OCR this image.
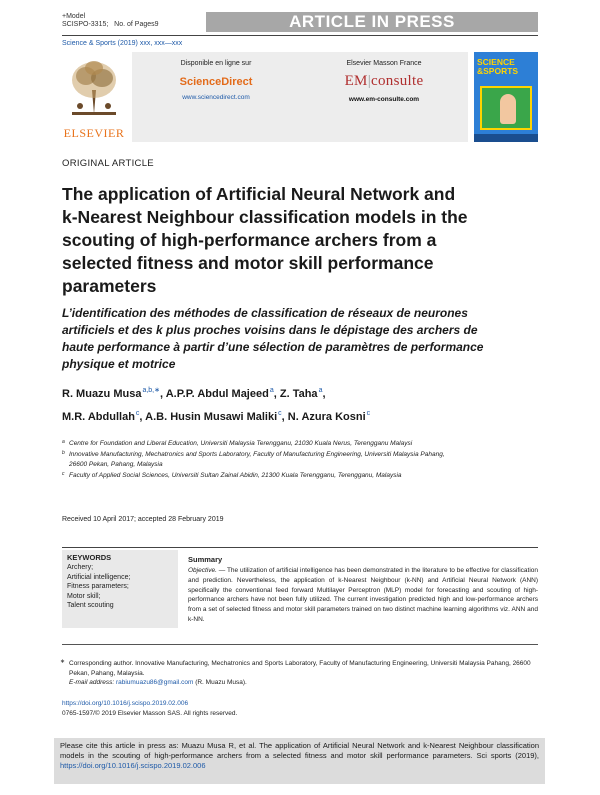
+Model
SCISPO-3315; No. of Pages9	ARTICLE IN PRESS
Science & Sports (2019) xxx, xxx—xxx
ELSEVIER
Disponible en ligne sur
ScienceDirect
www.sciencedirect.com
Elsevier Masson France
EM|consulte
www.em-consulte.com
SCIENCE
&SPORTS
ORIGINAL ARTICLE
The application of Artificial Neural Network and k-Nearest Neighbour classification models in the scouting of high-performance archers from a selected fitness and motor skill performance parameters
L’identification des méthodes de classification de réseaux de neurones artificiels et des k plus proches voisins dans le dépistage des archers de haute performance à partir d’une sélection de paramètres de performance physique et motrice
R. Muazu Musa$^{a,b,∗}$, A.P.P. Abdul Majeed$^a$, Z. Taha$^a$,
M.R. Abdullah$^c$, A.B. Husin Musawi Maliki$^c$, N. Azura Kosni$^c$
a Centre for Foundation and Liberal Education, Universiti Malaysia Terengganu, 21030 Kuala Nerus, Terengganu Malaysi
b Innovative Manufacturing, Mechatronics and Sports Laboratory, Faculty of Manufacturing Engineering, Universiti Malaysia Pahang, 26600 Pekan, Pahang, Malaysia
c Faculty of Applied Social Sciences, Universiti Sultan Zainal Abidin, 21300 Kuala Terengganu, Terengganu, Malaysia
Received 10 April 2017; accepted 28 February 2019
KEYWORDS
Archery;
Artificial intelligence;
Fitness parameters;
Motor skill;
Talent scouting
Summary

Objective. — The utilization of artificial intelligence has been demonstrated in the literature to be effective for classification and prediction. Nevertheless, the application of k-Nearest Neighbour (k-NN) and Artificial Neural Network (ANN) specifically the conventional feed forward Multilayer Perceptron (MLP) model for forecasting and scouting of high-performance archers have not been fully utilized. The current investigation predicted high and low-performance archers from a set of selected fitness and motor skill parameters trained on two distinct machine learning algorithms viz. ANN and k-NN.

∗ Corresponding author. Innovative Manufacturing, Mechatronics and Sports Laboratory, Faculty of Manufacturing Engineering, Universiti Malaysia Pahang, 26600 Pekan, Pahang, Malaysia.
E-mail address: rabiumuazu86@gmail.com (R. Muazu Musa).
https://doi.org/10.1016/j.scispo.2019.02.006
0765-1597/© 2019 Elsevier Masson SAS. All rights reserved.
Please cite this article in press as: Muazu Musa R, et al. The application of Artificial Neural Network and k-Nearest Neighbour classification models in the scouting of high-performance archers from a selected fitness and motor skill performance parameters. Sci sports (2019), https://doi.org/10.1016/j.scispo.2019.02.006
